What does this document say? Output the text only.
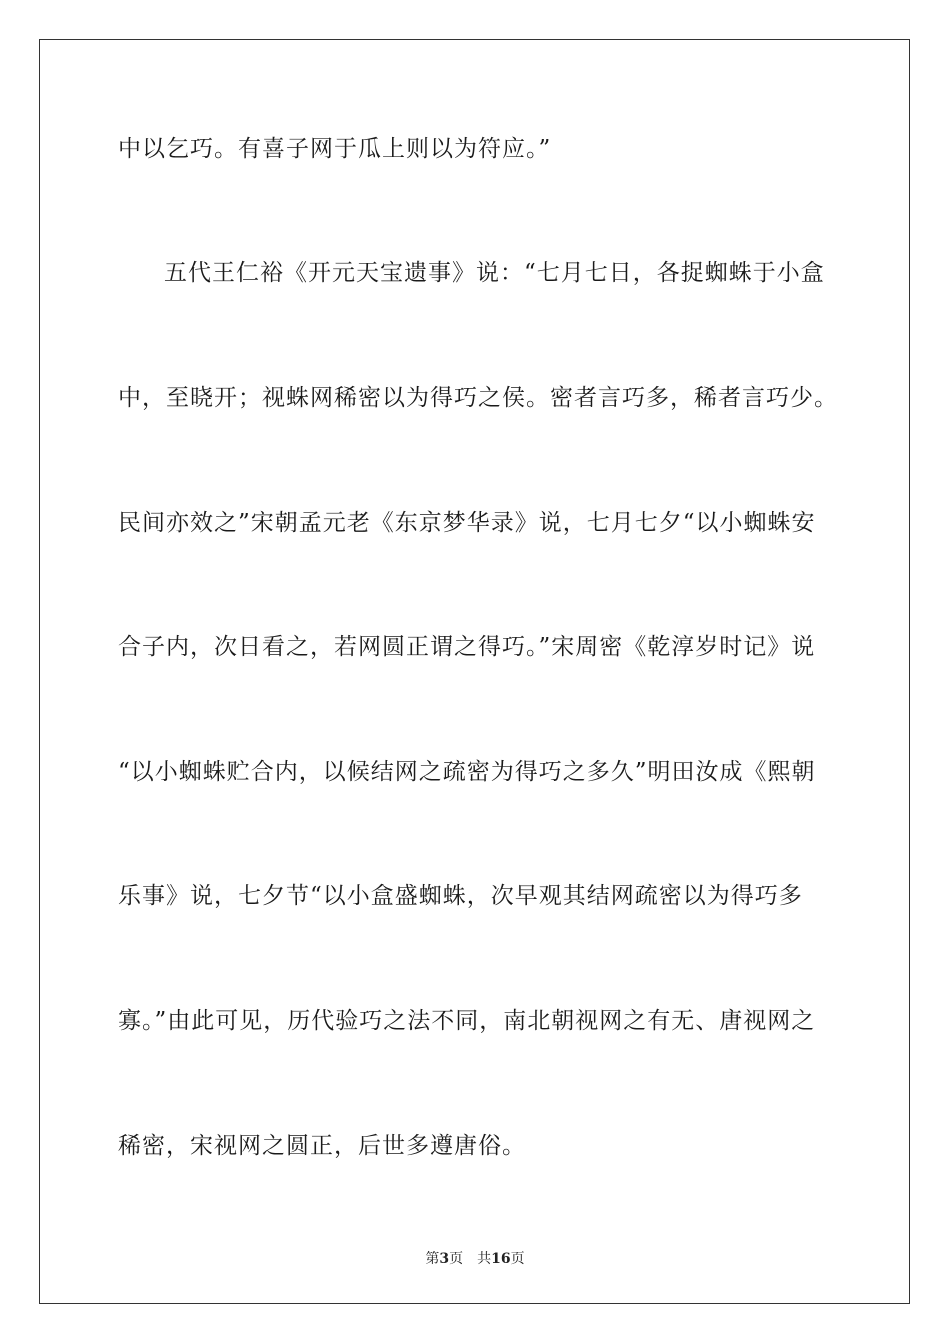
中以乞巧。有喜子网于瓜上则以为符应。”
五代王仁裕《开元天宝遗事》说：“七月七日，各捉蜘蛛于小盒
中，至晓开；视蛛网稀密以为得巧之侯。密者言巧多，稀者言巧少。
民间亦效之”宋朝孟元老《东京梦华录》说，七月七夕“以小蜘蛛安
合子内，次日看之，若网圆正谓之得巧。”宋周密《乾淳岁时记》说
“以小蜘蛛贮合内，以候结网之疏密为得巧之多久”明田汝成《熙朝
乐事》说，七夕节“以小盒盛蜘蛛，次早观其结网疏密以为得巧多
寡。”由此可见，历代验巧之法不同，南北朝视网之有无、唐视网之
稀密，宋视网之圆正，后世多遵唐俗。
第3页 共16页
